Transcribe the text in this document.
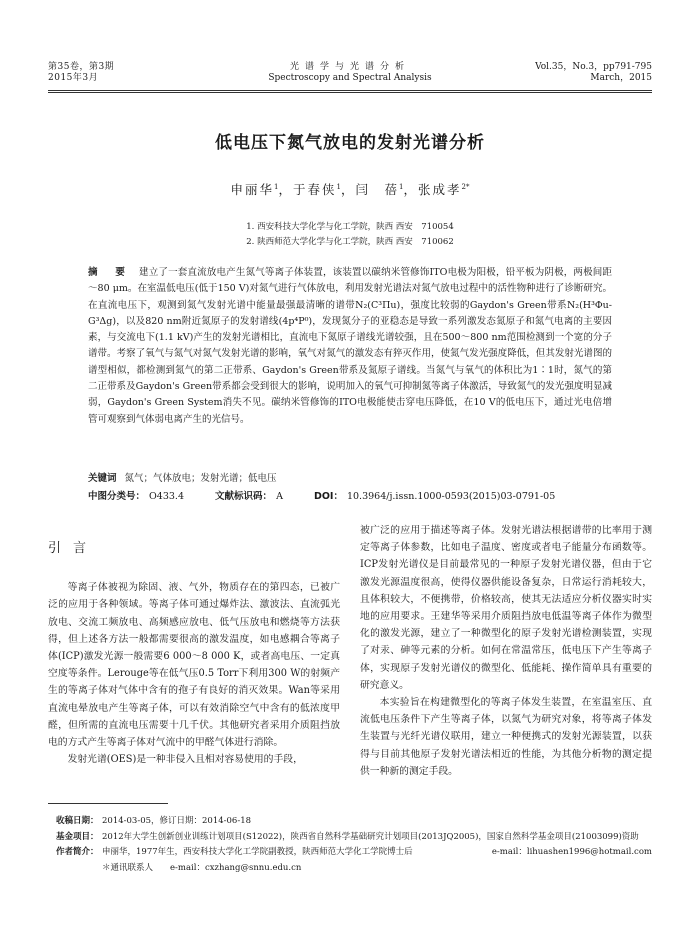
第35卷，第3期
2015年3月
光谱学与光谱分析
Spectroscopy and Spectral Analysis
Vol.35，No.3，pp791-795
March，2015
低电压下氮气放电的发射光谱分析
申丽华$^1$，于春侠$^1$，闫　蓓$^1$，张成孝$^{2*}$
1. 西安科技大学化学与化工学院，陕西 西安　710054
2. 陕西师范大学化学与化工学院，陕西 西安　710062
摘　要 建立了一套直流放电产生氮气等离子体装置，该装置以碳纳米管修饰ITO电极为阳极，铅平板为阴极，两极间距～80 μm。在室温低电压(低于150 V)对氮气进行气体放电，利用发射光谱法对氮气放电过程中的活性物种进行了诊断研究。在直流电压下，观测到氮气发射光谱中能量最强最清晰的谱带N₂(C³Πu)，强度比较弱的Gaydon's Green带系N₂(H³Φu-G³Δg)，以及820 nm附近氮原子的发射谱线(4p⁴P⁰)，发现氮分子的亚稳态是导致一系列激发态氮原子和氮气电离的主要因素，与交流电下(1.1 kV)产生的发射光谱相比，直流电下氮原子谱线光谱较强，且在500～800 nm范围检测到一个宽的分子谱带。考察了氧气与氮气对氮气发射光谱的影响，氧气对氮气的激发态有猝灭作用，使氮气发光强度降低，但其发射光谱图的谱型相似，都检测到氮气的第二正带系、Gaydon's Green带系及氮原子谱线。当氮气与氧气的体积比为1∶1时，氮气的第二正带系及Gaydon's Green带系都会受到很大的影响，说明加入的氧气可抑制氮等离子体激活，导致氮气的发光强度明显减弱，Gaydon's Green System消失不见。碳纳米管修饰的ITO电极能使击穿电压降低，在10 V的低电压下，通过光电倍增管可观察到气体弱电离产生的光信号。
关键词 氮气；气体放电；发射光谱；低电压
中图分类号： O433.4	文献标识码： A	DOI： 10.3964/j.issn.1000-0593(2015)03-0791-05
引言

等离子体被视为除固、液、气外，物质存在的第四态，已被广泛的应用于各种领域。等离子体可通过爆炸法、激波法、直流弧光放电、交流工频放电、高频感应放电、低气压放电和燃烧等方法获得，但上述各方法一般都需要很高的激发温度，如电感耦合等离子体(ICP)激发光源一般需要6 000～8 000 K，或者高电压、一定真空度等条件。Lerouge等在低气压0.5 Torr下利用300 W的射频产生的等离子体对气体中含有的孢子有良好的消灭效果。Wan等采用直流电晕放电产生等离子体，可以有效消除空气中含有的低浓度甲醛，但所需的直流电压需要十几千伏。其他研究者采用介质阻挡放电的方式产生等离子体对气流中的甲醛气体进行消除。

发射光谱(OES)是一种非侵入且相对容易使用的手段，

被广泛的应用于描述等离子体。发射光谱法根据谱带的比率用于测定等离子体参数，比如电子温度、密度或者电子能量分布函数等。ICP发射光谱仪是目前最常见的一种原子发射光谱仪器，但由于它激发光源温度很高，使得仪器供能设备复杂，日常运行消耗较大，且体积较大，不便携带，价格较高，使其无法适应分析仪器实时实地的应用要求。王建华等采用介质阻挡放电低温等离子体作为微型化的激发光源，建立了一种微型化的原子发射光谱检测装置，实现了对汞、砷等元素的分析。如何在常温常压，低电压下产生等离子体，实现原子发射光谱仪的微型化、低能耗、操作简单具有重要的研究意义。

本实验旨在构建微型化的等离子体发生装置，在室温室压、直流低电压条件下产生等离子体，以氮气为研究对象，将等离子体发生装置与光纤光谱仪联用，建立一种便携式的发射光源装置，以获得与目前其他原子发射光谱法相近的性能，为其他分析物的测定提供一种新的测定手段。

收稿日期： 2014-03-05，修订日期：2014-06-18
基金项目： 2012年大学生创新创业训练计划项目(S12022)，陕西省自然科学基础研究计划项目(2013JQ2005)，国家自然科学基金项目(21003099)资助
作者简介： 申丽华，1977年生，西安科技大学化工学院副教授，陕西师范大学化工学院博士后	e-mail：lihuashen1996@hotmail.com
＊通讯联系人　　e-mail：cxzhang@snnu.edu.cn
